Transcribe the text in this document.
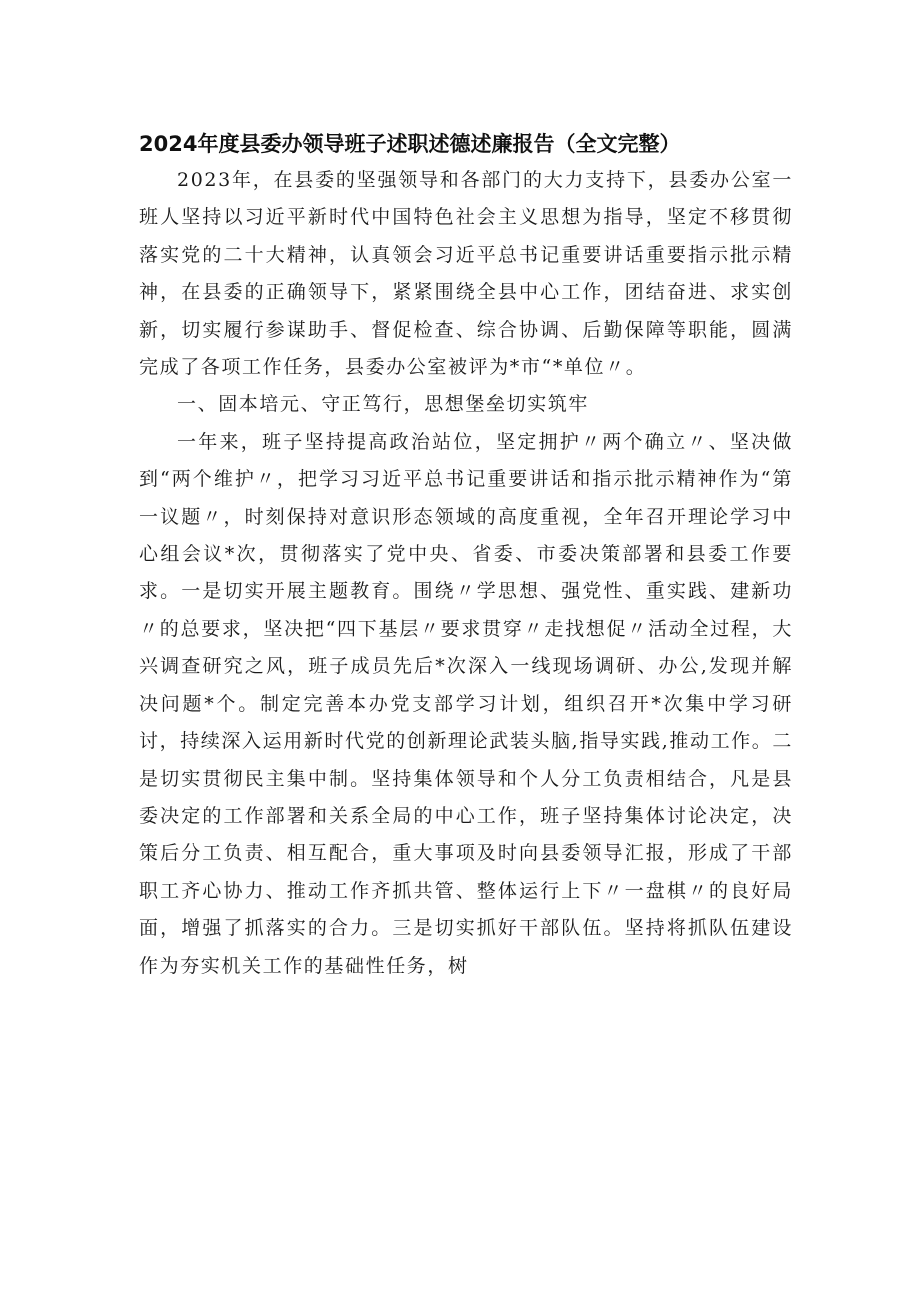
2024年度县委办领导班子述职述德述廉报告（全文完整）

2023年，在县委的坚强领导和各部门的大力支持下，县委办公室一班人坚持以习近平新时代中国特色社会主义思想为指导，坚定不移贯彻落实党的二十大精神，认真领会习近平总书记重要讲话重要指示批示精神，在县委的正确领导下，紧紧围绕全县中心工作，团结奋进、求实创新，切实履行参谋助手、督促检查、综合协调、后勤保障等职能，圆满完成了各项工作任务，县委办公室被评为*市“*单位〃。

一、固本培元、守正笃行，思想堡垒切实筑牢

一年来，班子坚持提高政治站位，坚定拥护〃两个确立〃、坚决做到“两个维护〃，把学习习近平总书记重要讲话和指示批示精神作为“第一议题〃，时刻保持对意识形态领域的高度重视，全年召开理论学习中心组会议*次，贯彻落实了党中央、省委、市委决策部署和县委工作要求。一是切实开展主题教育。围绕〃学思想、强党性、重实践、建新功〃的总要求，坚决把“四下基层〃要求贯穿〃走找想促〃活动全过程，大兴调查研究之风，班子成员先后*次深入一线现场调研、办公,发现并解决问题*个。制定完善本办党支部学习计划，组织召开*次集中学习研讨，持续深入运用新时代党的创新理论武装头脑,指导实践,推动工作。二是切实贯彻民主集中制。坚持集体领导和个人分工负责相结合，凡是县委决定的工作部署和关系全局的中心工作，班子坚持集体讨论决定，决策后分工负责、相互配合，重大事项及时向县委领导汇报，形成了干部职工齐心协力、推动工作齐抓共管、整体运行上下〃一盘棋〃的良好局面，增强了抓落实的合力。三是切实抓好干部队伍。坚持将抓队伍建设作为夯实机关工作的基础性任务，树
